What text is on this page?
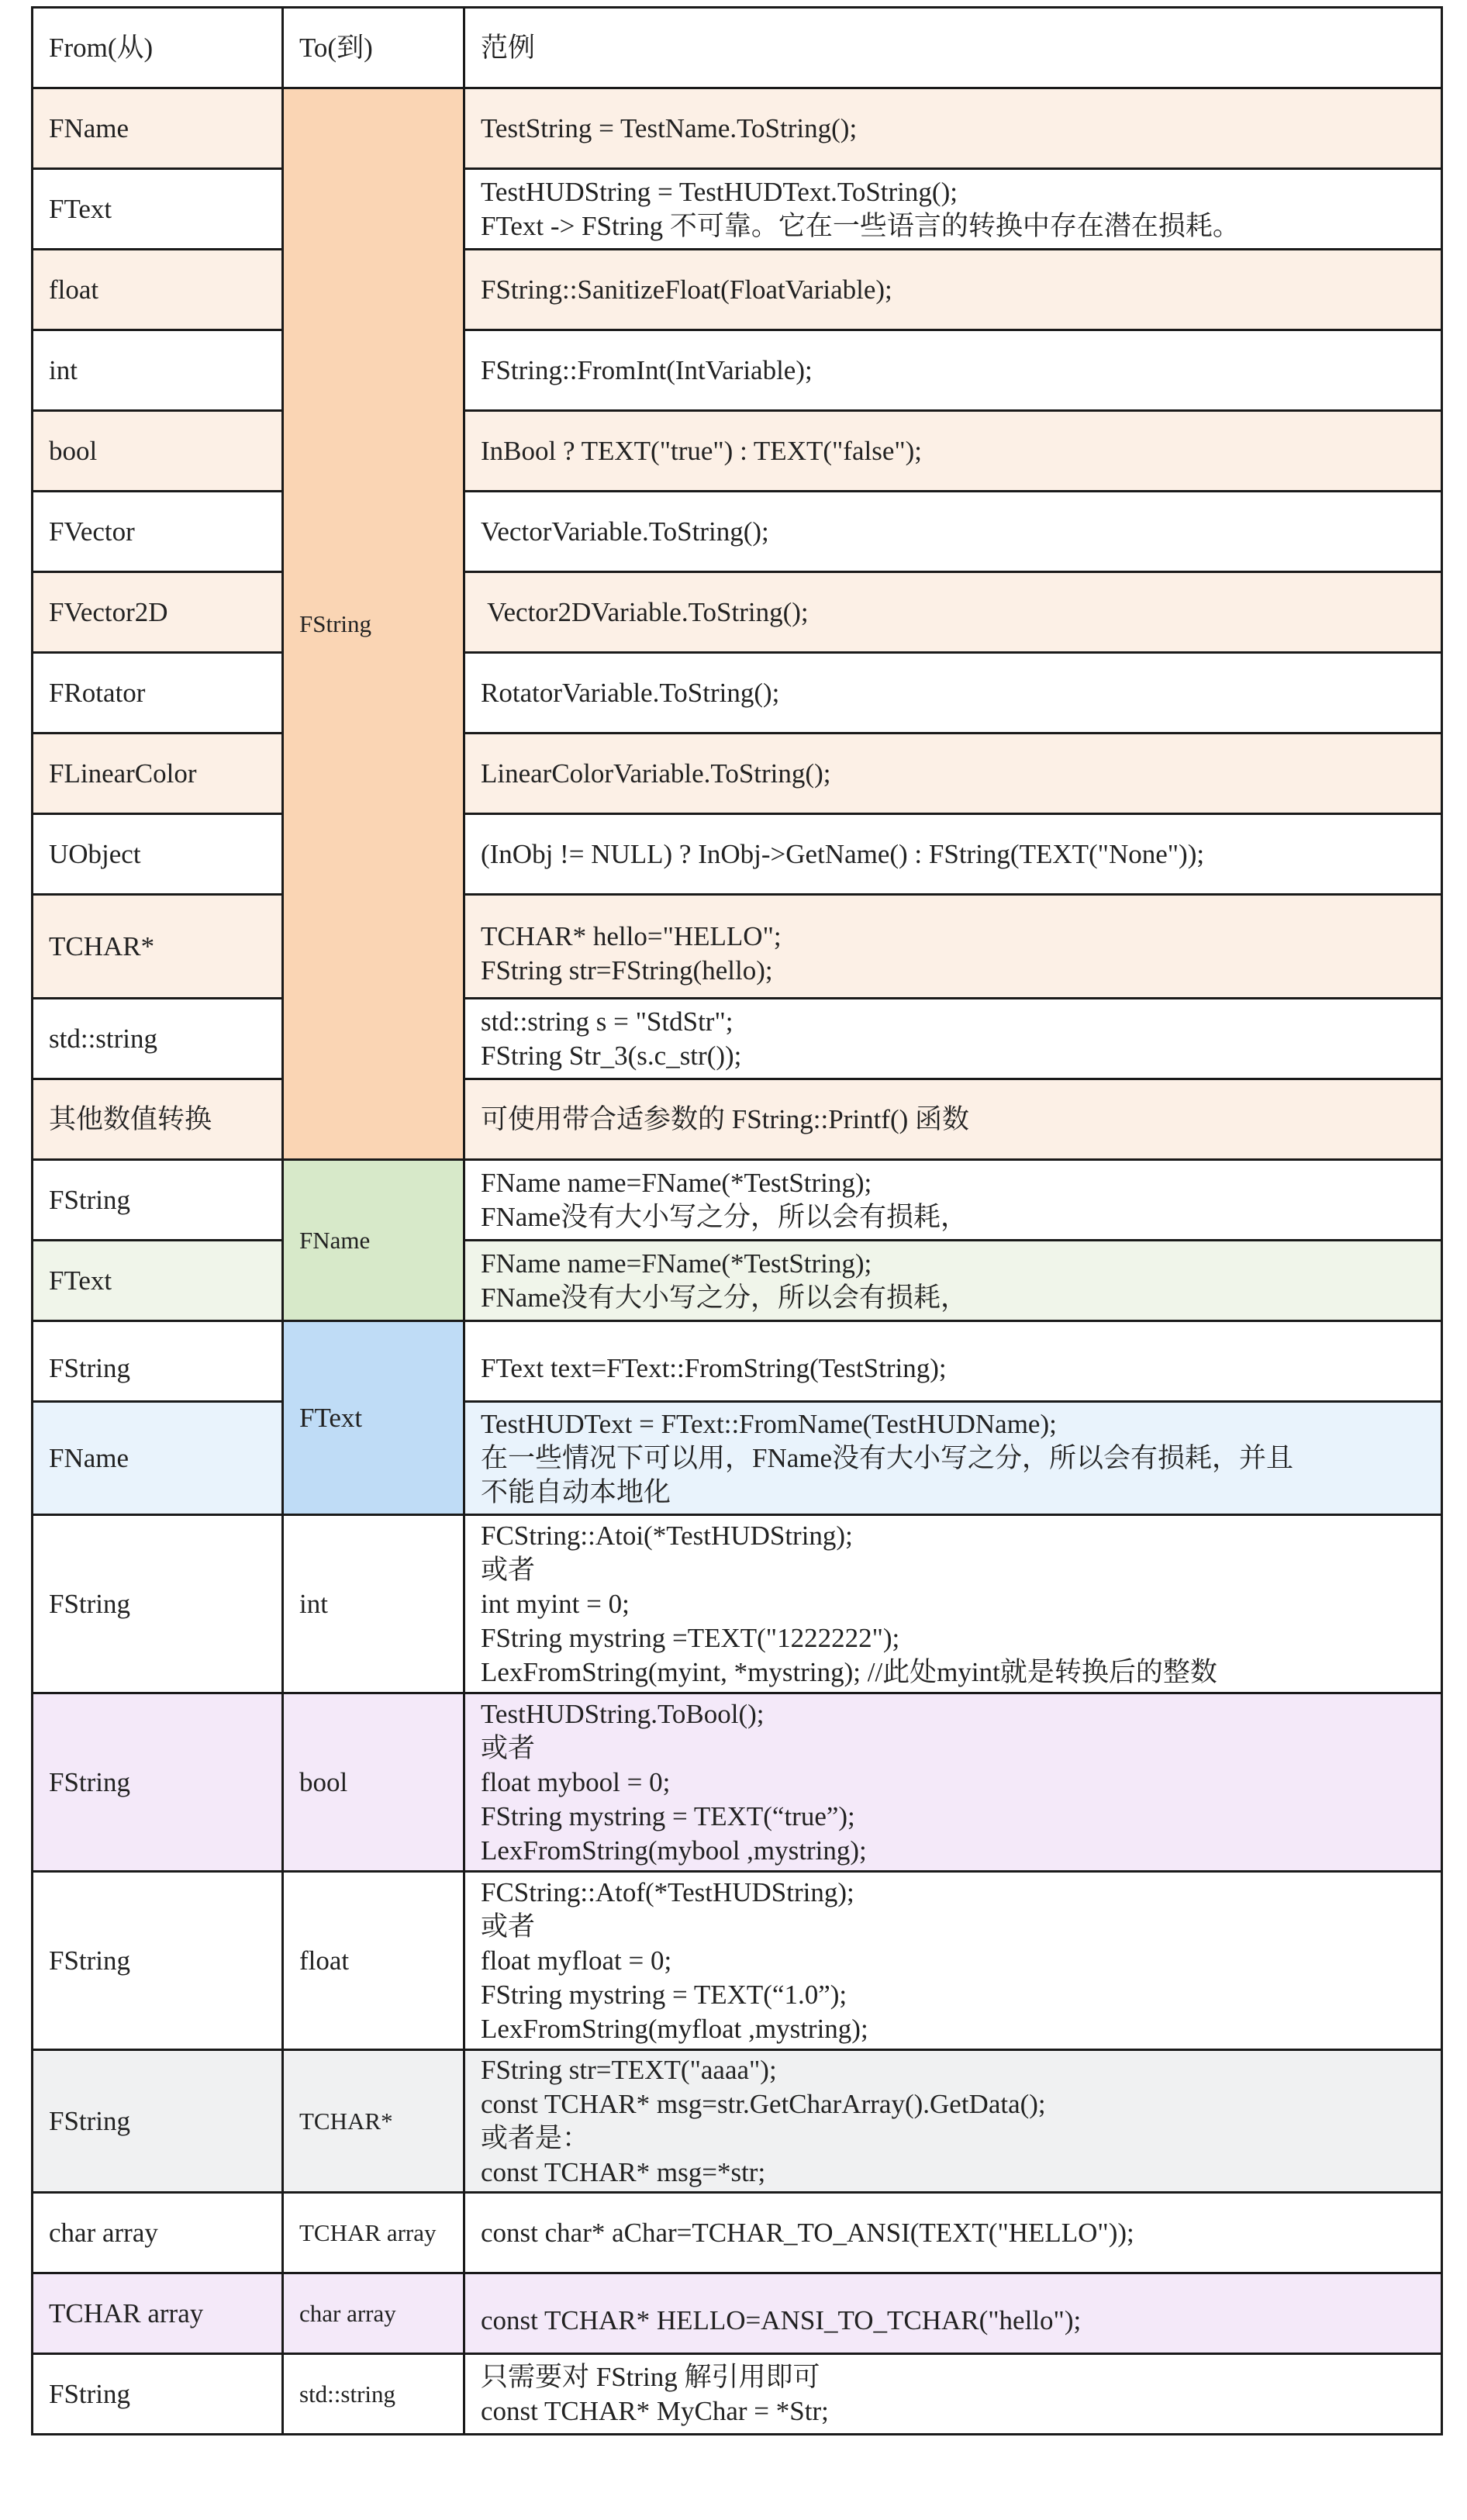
From(从)	To(到)	范例
FName	FString	TestString = TestName.ToString();

FText		TestHUDString = TestHUDText.ToString();
FText -> FString 不可靠。它在一些语言的转换中存在潜在损耗。

float		FString::SanitizeFloat(FloatVariable);

int		FString::FromInt(IntVariable);

bool		InBool ? TEXT("true") : TEXT("false");

FVector		VectorVariable.ToString();

FVector2D		Vector2DVariable.ToString();

FRotator		RotatorVariable.ToString();

FLinearColor		LinearColorVariable.ToString();

UObject		(InObj != NULL) ? InObj->GetName() : FString(TEXT("None"));

TCHAR*		TCHAR* hello="HELLO";
FString str=FString(hello);

std::string		std::string s = "StdStr";
FString Str_3(s.c_str());

其他数值转换		可使用带合适参数的 FString::Printf() 函数

FString	FName	FName name=FName(*TestString);
FName没有大小写之分，所以会有损耗，

FText		FName name=FName(*TestString);
FName没有大小写之分，所以会有损耗，

FString	FText	FText text=FText::FromString(TestString);

FName		TestHUDText = FText::FromName(TestHUDName);
在一些情况下可以用，FName没有大小写之分，所以会有损耗，并且
不能自动本地化

FString	int	FCString::Atoi(*TestHUDString);
或者
int myint = 0;
FString mystring =TEXT("1222222");
LexFromString(myint, *mystring); //此处myint就是转换后的整数

FString	bool	TestHUDString.ToBool();
或者
float mybool = 0;
FString mystring = TEXT(“true”);
LexFromString(mybool ,mystring);

FString	float	FCString::Atof(*TestHUDString);
或者
float myfloat = 0;
FString mystring = TEXT(“1.0”);
LexFromString(myfloat ,mystring);

FString	TCHAR*	FString str=TEXT("aaaa");
const TCHAR* msg=str.GetCharArray().GetData();
或者是：
const TCHAR* msg=*str;

char array	TCHAR array	const char* aChar=TCHAR_TO_ANSI(TEXT("HELLO"));

TCHAR array	char array	const TCHAR* HELLO=ANSI_TO_TCHAR("hello");

FString	std::string	只需要对 FString 解引用即可
const TCHAR* MyChar = *Str;
